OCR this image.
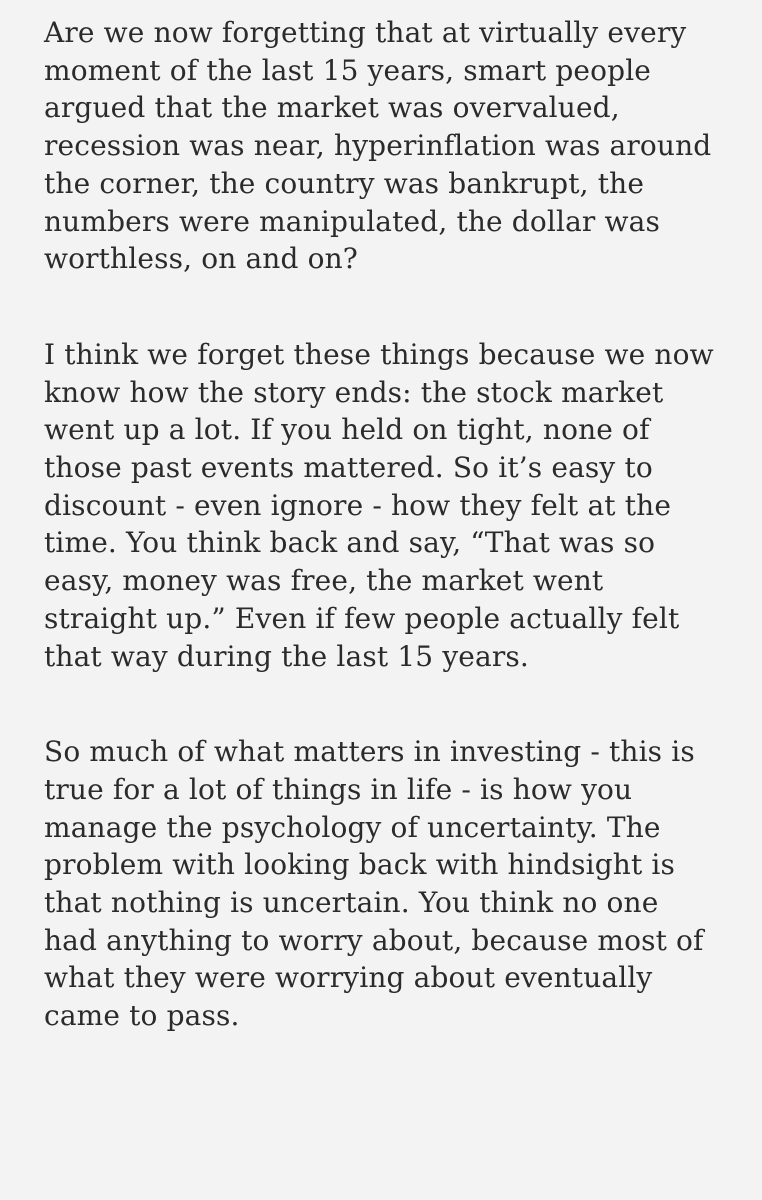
Are we now forgetting that at virtually every
moment of the last 15 years, smart people
argued that the market was overvalued,
recession was near, hyperinflation was around
the corner, the country was bankrupt, the
numbers were manipulated, the dollar was
worthless, on and on?

I think we forget these things because we now
know how the story ends: the stock market
went up a lot. If you held on tight, none of
those past events mattered. So it’s easy to
discount - even ignore - how they felt at the
time. You think back and say, “That was so
easy, money was free, the market went
straight up.” Even if few people actually felt
that way during the last 15 years.

So much of what matters in investing - this is
true for a lot of things in life - is how you
manage the psychology of uncertainty. The
problem with looking back with hindsight is
that nothing is uncertain. You think no one
had anything to worry about, because most of
what they were worrying about eventually
came to pass.
